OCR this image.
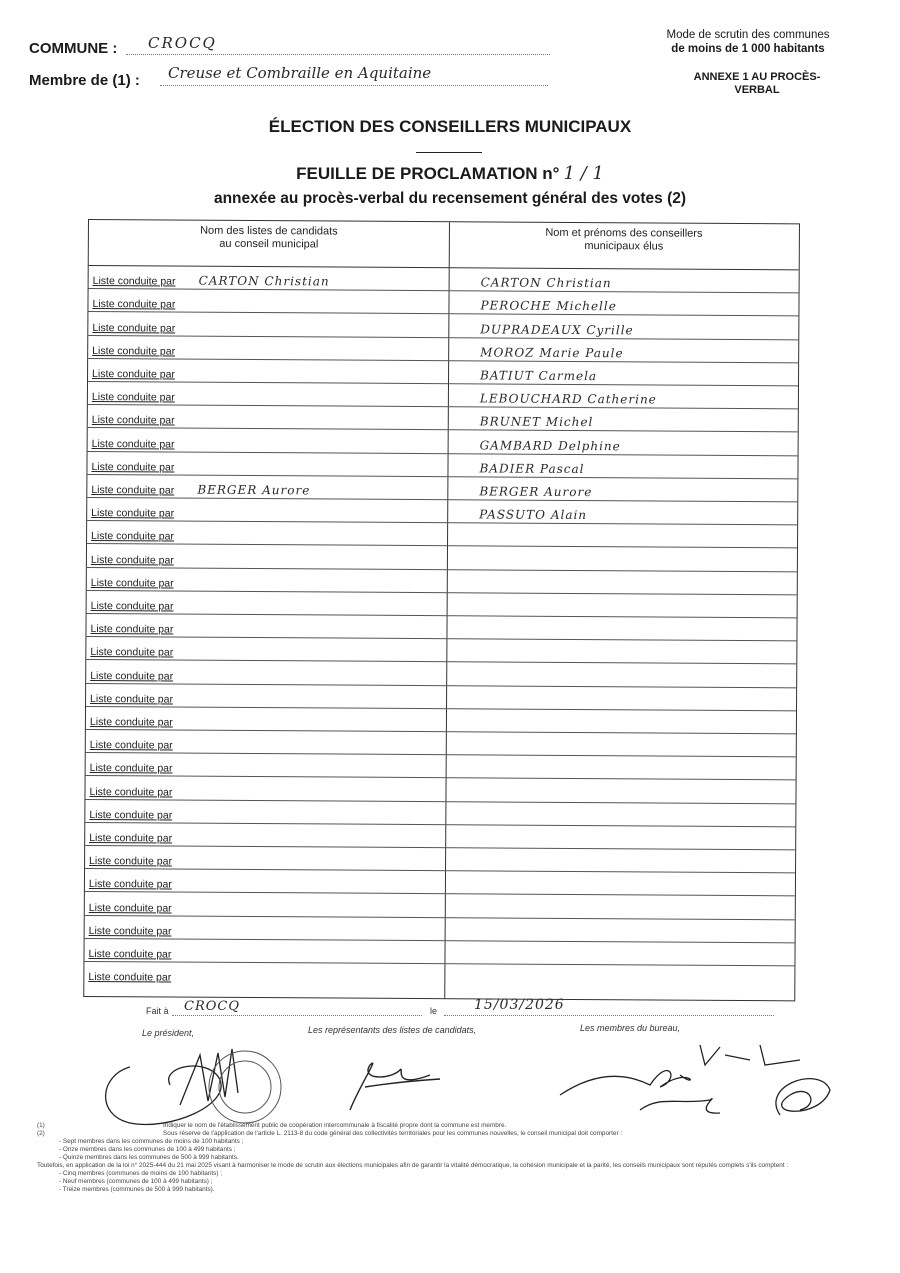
COMMUNE : CROCQ
Membre de (1) : Creuse et Combraille en Aquitaine
Mode de scrutin des communes
de moins de 1 000 habitants
ANNEXE 1 AU PROCÈS-
VERBAL
ÉLECTION DES CONSEILLERS MUNICIPAUX
FEUILLE DE PROCLAMATION n° 1 / 1
annexée au procès-verbal du recensement général des votes (2)
Nom des listes de candidats
au conseil municipal
Nom et prénoms des conseillers
municipaux élus
Liste conduite par CARTON Christian	CARTON Christian
Liste conduite par	PEROCHE Michelle
Liste conduite par	DUPRADEAUX Cyrille
Liste conduite par	MOROZ Marie Paule
Liste conduite par	BATIUT Carmela
Liste conduite par	LEBOUCHARD Catherine
Liste conduite par	BRUNET Michel
Liste conduite par	GAMBARD Delphine
Liste conduite par	BADIER Pascal
Liste conduite par BERGER Aurore	BERGER Aurore
Liste conduite par	PASSUTO Alain
Liste conduite par
Liste conduite par
Liste conduite par
Liste conduite par
Liste conduite par
Liste conduite par
Liste conduite par
Liste conduite par
Liste conduite par
Liste conduite par
Liste conduite par
Liste conduite par
Liste conduite par
Liste conduite par
Liste conduite par
Liste conduite par
Liste conduite par
Liste conduite par
Liste conduite par
Liste conduite par
Fait à CROCQ	le	15/03/2026
Le président,	Les représentants des listes de candidats,	Les membres du bureau,
(1)	Indiquer le nom de l'établissement public de coopération intercommunale à fiscalité propre dont la commune est membre.
(2)	Sous réserve de l'application de l'article L. 2113-8 du code général des collectivités territoriales pour les communes nouvelles, le conseil municipal doit comporter :
- Sept membres dans les communes de moins de 100 habitants ;
- Onze membres dans les communes de 100 à 499 habitants ;
- Quinze membres dans les communes de 500 à 999 habitants.
Toutefois, en application de la loi n° 2025-444 du 21 mai 2025 visant à harmoniser le mode de scrutin aux élections municipales afin de garantir la vitalité démocratique, la cohésion municipale et la parité, les conseils municipaux sont réputés complets s'ils comptent :
- Cinq membres (communes de moins de 100 habitants) ;
- Neuf membres (communes de 100 à 499 habitants) ;
- Treize membres (communes de 500 à 999 habitants).
